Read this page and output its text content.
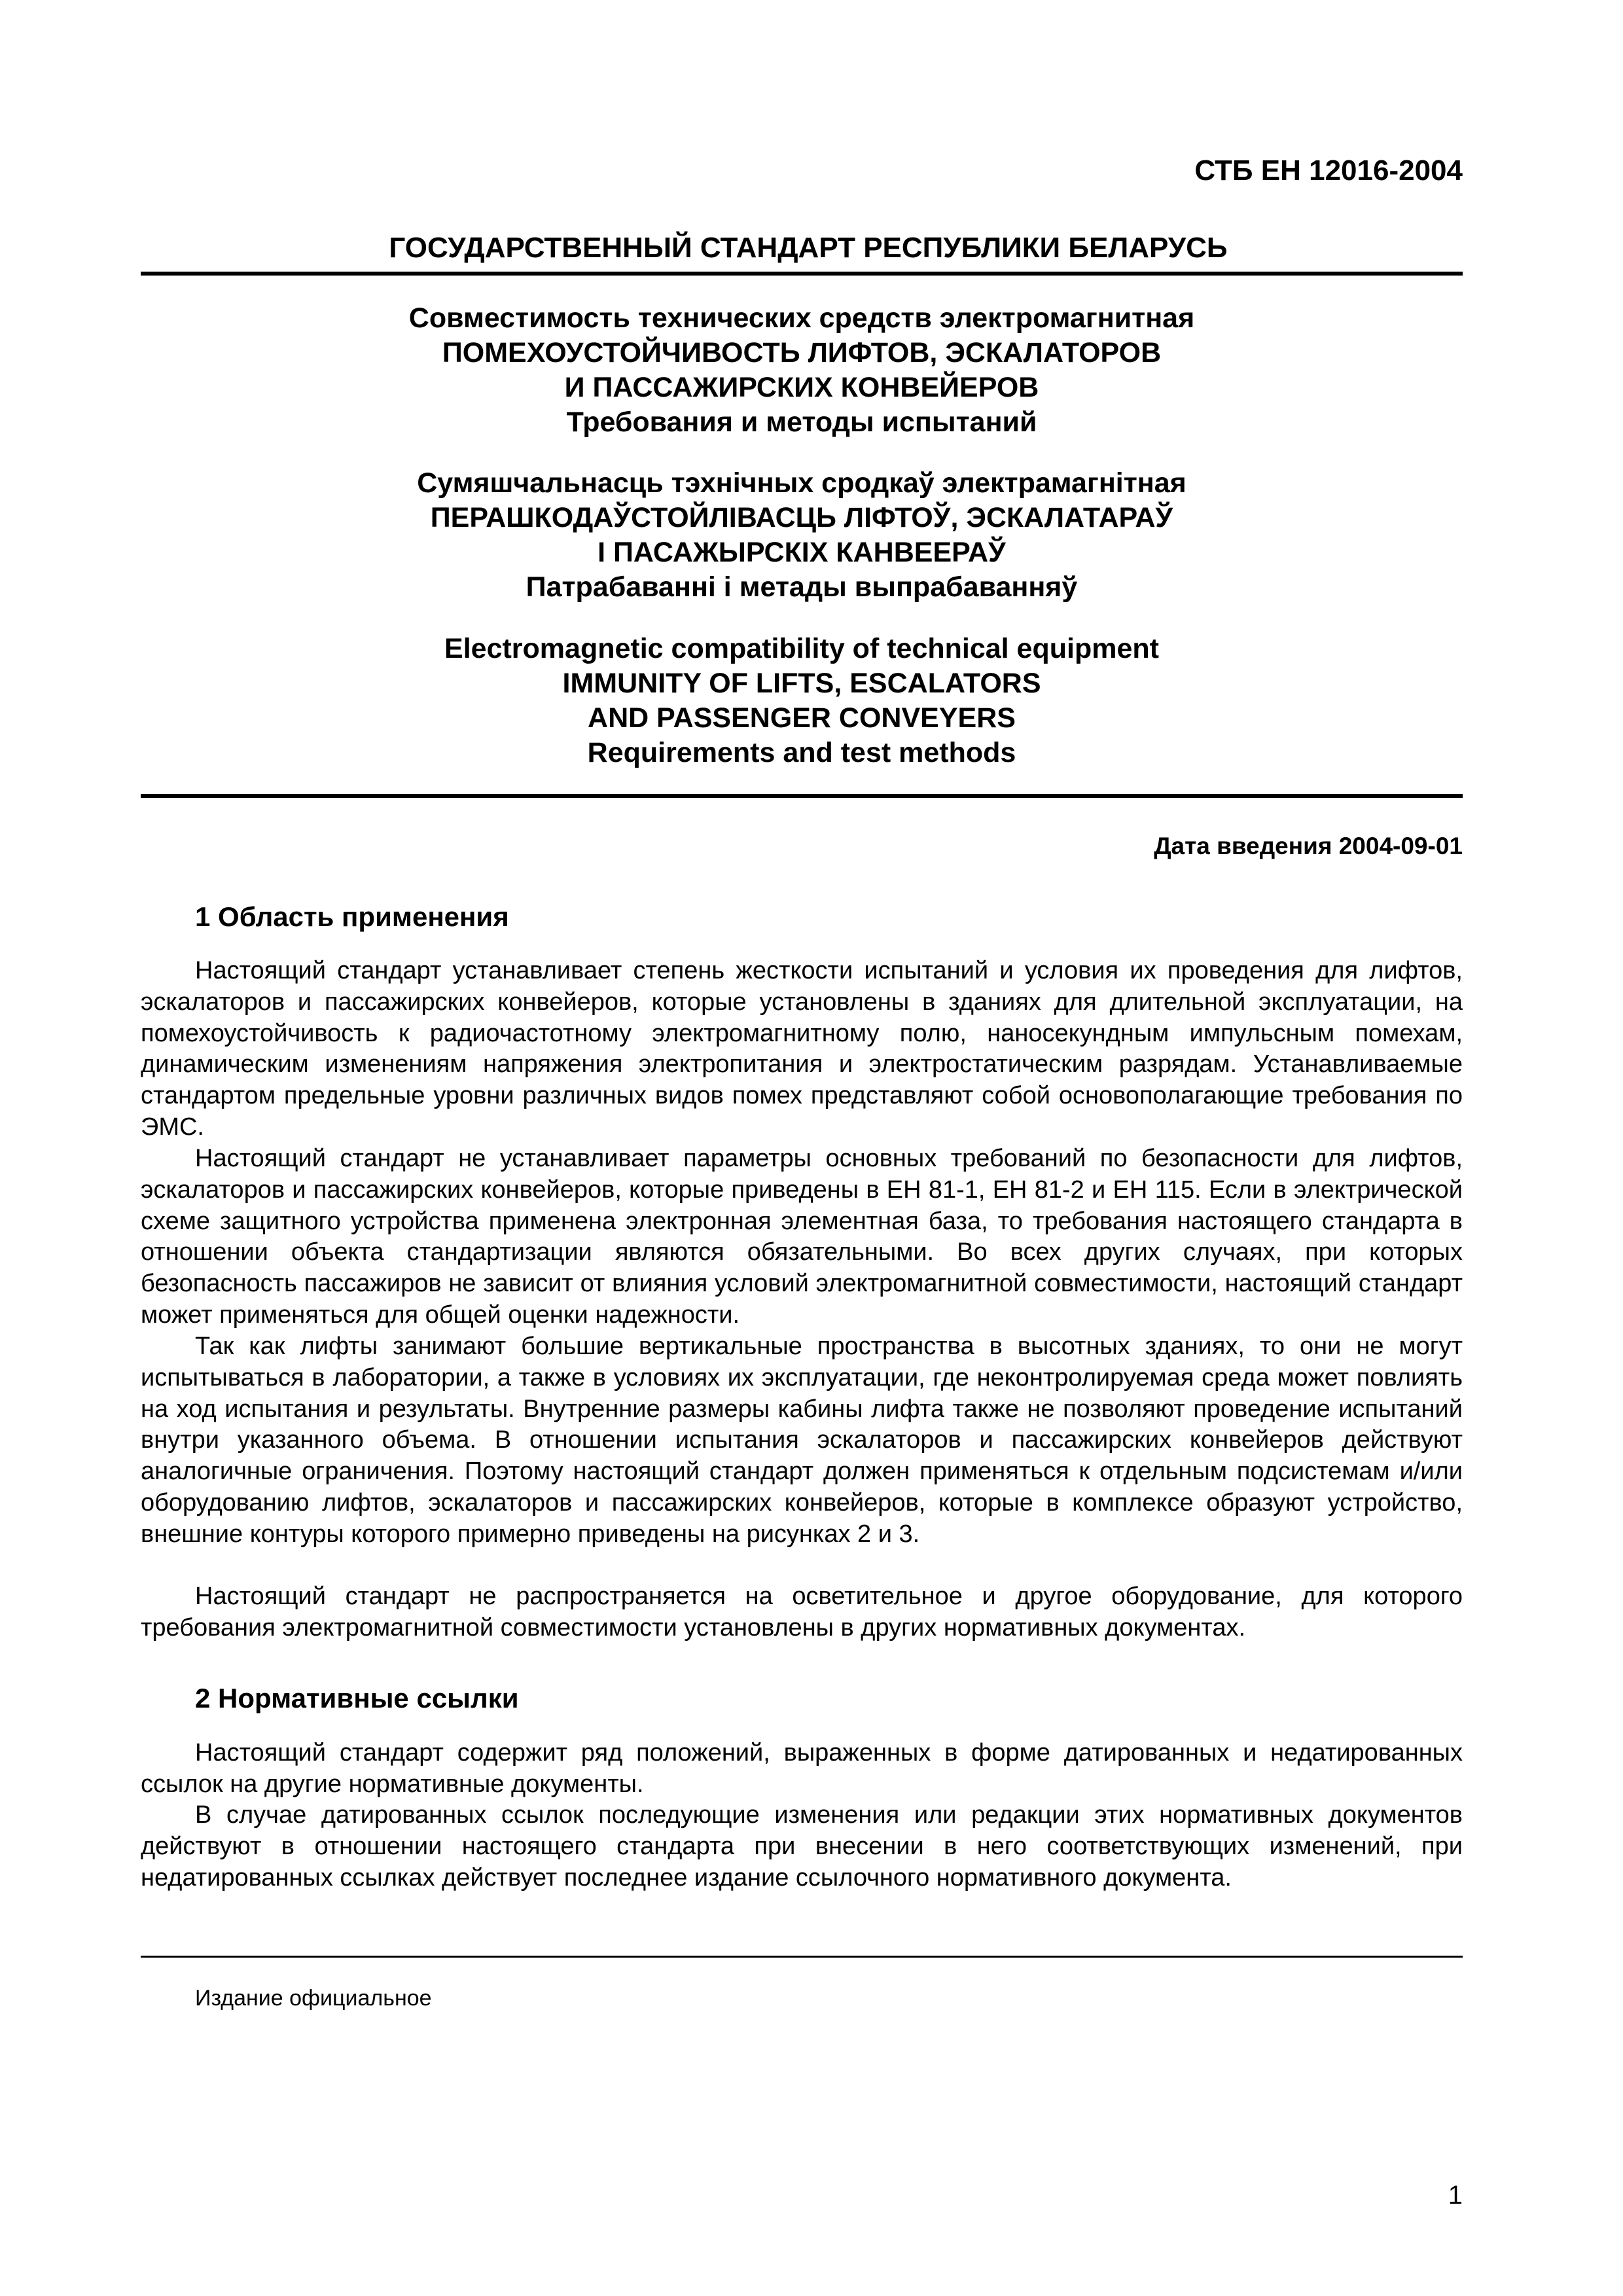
СТБ ЕН 12016-2004
ГОСУДАРСТВЕННЫЙ СТАНДАРТ РЕСПУБЛИКИ БЕЛАРУСЬ
Совместимость технических средств электромагнитная
ПОМЕХОУСТОЙЧИВОСТЬ ЛИФТОВ, ЭСКАЛАТОРОВ
И ПАССАЖИРСКИХ КОНВЕЙЕРОВ
Требования и методы испытаний
Сумяшчальнасць тэхнічных сродкаў электрамагнітная
ПЕРАШКОДАЎСТОЙЛІВАСЦЬ ЛІФТОЎ, ЭСКАЛАТАРАЎ
І ПАСАЖЫРСКІХ КАНВЕЕРАЎ
Патрабаванні і метады выпрабаванняў
Electromagnetic compatibility of technical equipment
IMMUNITY OF LIFTS, ESCALATORS
AND PASSENGER CONVEYERS
Requirements and test methods
Дата введения 2004-09-01
1 Область применения

Настоящий стандарт устанавливает степень жесткости испытаний и условия их проведения для лифтов, эскалаторов и пассажирских конвейеров, которые установлены в зданиях для длительной эксплуатации, на помехоустойчивость к радиочастотному электромагнитному полю, наносекундным импульсным помехам, динамическим изменениям напряжения электропитания и электростатическим разрядам. Устанавливаемые стандартом предельные уровни различных видов помех представляют собой основополагающие требования по ЭМС.

Настоящий стандарт не устанавливает параметры основных требований по безопасности для лифтов, эскалаторов и пассажирских конвейеров, которые приведены в ЕН 81-1, ЕН 81-2 и ЕН 115. Если в электрической схеме защитного устройства применена электронная элементная база, то требования настоящего стандарта в отношении объекта стандартизации являются обязательными. Во всех других случаях, при которых безопасность пассажиров не зависит от влияния условий электромагнитной совместимости, настоящий стандарт может применяться для общей оценки надежности.

Так как лифты занимают большие вертикальные пространства в высотных зданиях, то они не могут испытываться в лаборатории, а также в условиях их эксплуатации, где неконтролируемая среда может повлиять на ход испытания и результаты. Внутренние размеры кабины лифта также не позволяют проведение испытаний внутри указанного объема. В отношении испытания эскалаторов и пассажирских конвейеров действуют аналогичные ограничения. Поэтому настоящий стандарт должен применяться к отдельным подсистемам и/или оборудованию лифтов, эскалаторов и пассажирских конвейеров, которые в комплексе образуют устройство, внешние контуры которого примерно приведены на рисунках 2 и 3.

Настоящий стандарт не распространяется на осветительное и другое оборудование, для которого требования электромагнитной совместимости установлены в других нормативных документах.

2 Нормативные ссылки

Настоящий стандарт содержит ряд положений, выраженных в форме датированных и недатированных ссылок на другие нормативные документы.

В случае датированных ссылок последующие изменения или редакции этих нормативных документов действуют в отношении настоящего стандарта при внесении в него соответствующих изменений, при недатированных ссылках действует последнее издание ссылочного нормативного документа.

Издание официальное
1
